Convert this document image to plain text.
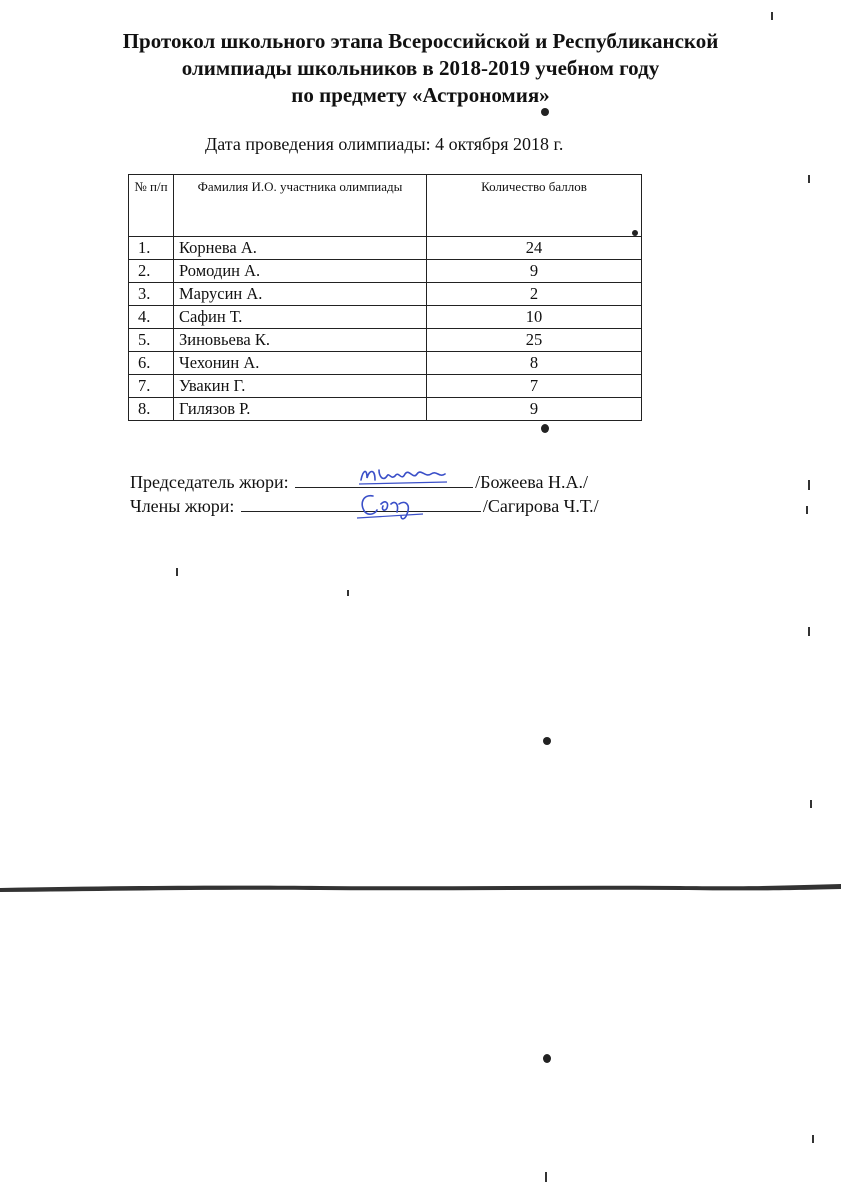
Протокол школьного этапа Всероссийской и Республиканской
олимпиады школьников в 2018-2019 учебном году
по предмету «Астрономия»
Дата проведения олимпиады: 4 октября 2018 г.
№ п/п	Фамилия И.О. участника олимпиады	Количество баллов
1.	Корнева А.	24
2.	Ромодин А.	9
3.	Марусин А.	2
4.	Сафин Т.	10
5.	Зиновьева К.	25
6.	Чехонин А.	8
7.	Увакин Г.	7
8.	Гилязов Р.	9
Председатель жюри:	/Божеева Н.А./
Члены жюри:	/Сагирова Ч.Т./
